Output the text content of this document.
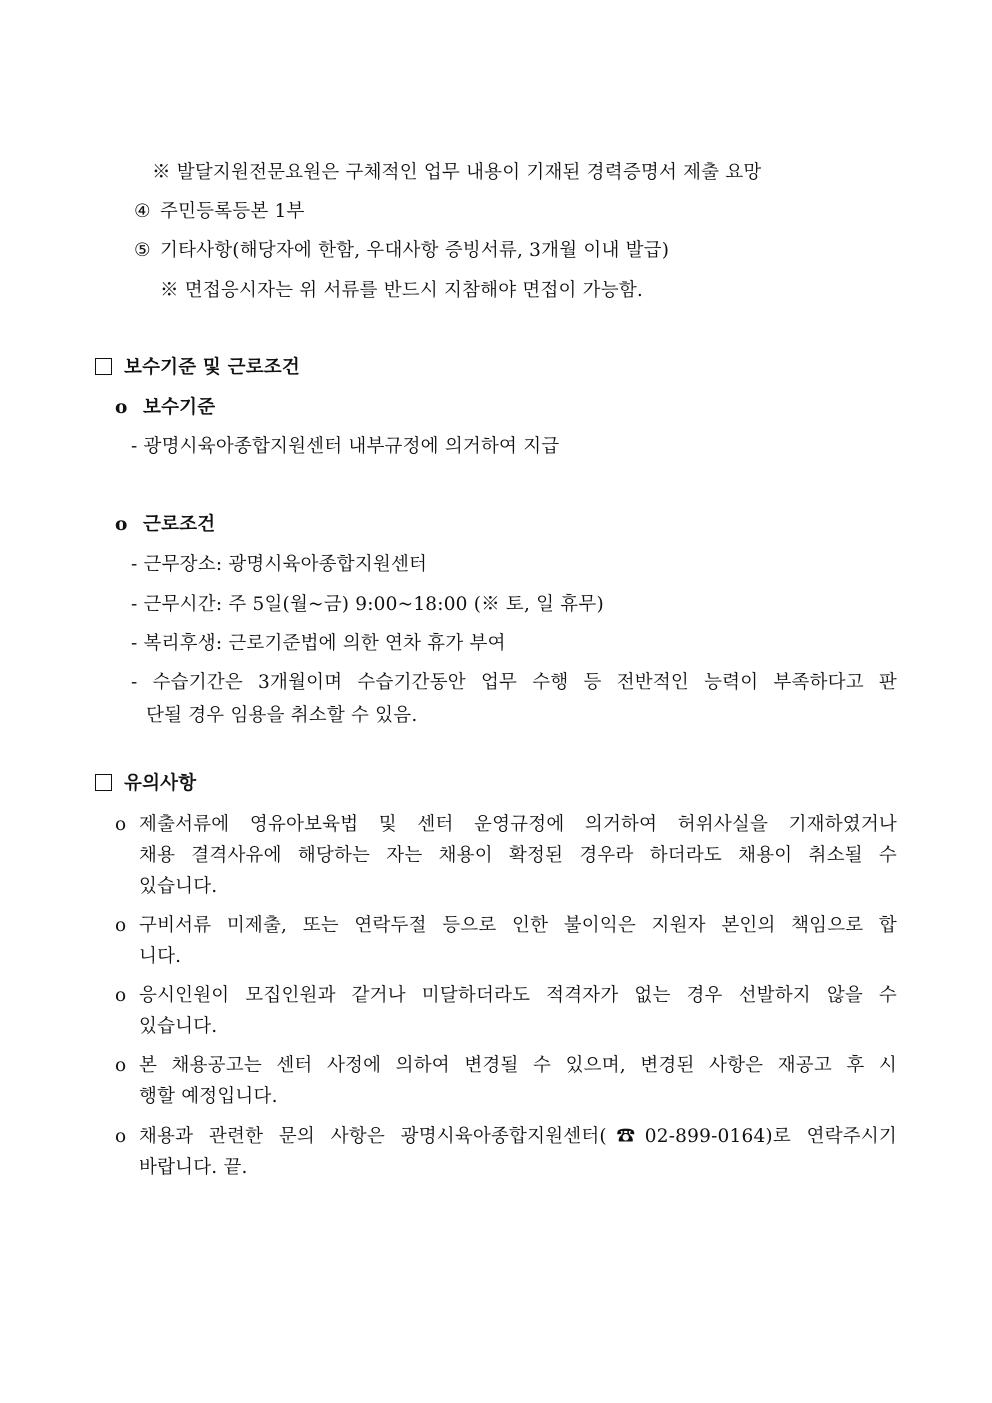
※ 발달지원전문요원은 구체적인 업무 내용이 기재된 경력증명서 제출 요망
④ 주민등록등본 1부
⑤ 기타사항(해당자에 한함, 우대사항 증빙서류, 3개월 이내 발급)
※ 면접응시자는 위 서류를 반드시 지참해야 면접이 가능함.
보수기준 및 근로조건
o 보수기준
- 광명시육아종합지원센터 내부규정에 의거하여 지급
o 근로조건
- 근무장소: 광명시육아종합지원센터
- 근무시간: 주 5일(월~금) 9:00~18:00 (※ 토, 일 휴무)
- 복리후생: 근로기준법에 의한 연차 휴가 부여
- 수습기간은 3개월이며 수습기간동안 업무 수행 등 전반적인 능력이 부족하다고 판
단될 경우 임용을 취소할 수 있음.
유의사항
o 제출서류에 영유아보육법 및 센터 운영규정에 의거하여 허위사실을 기재하였거나
채용 결격사유에 해당하는 자는 채용이 확정된 경우라 하더라도 채용이 취소될 수
있습니다.
o 구비서류 미제출, 또는 연락두절 등으로 인한 불이익은 지원자 본인의 책임으로 합
니다.
o 응시인원이 모집인원과 같거나 미달하더라도 적격자가 없는 경우 선발하지 않을 수
있습니다.
o 본 채용공고는 센터 사정에 의하여 변경될 수 있으며, 변경된 사항은 재공고 후 시
행할 예정입니다.
o 채용과 관련한 문의 사항은 광명시육아종합지원센터(☎02-899-0164)로 연락주시기
바랍니다. 끝.
